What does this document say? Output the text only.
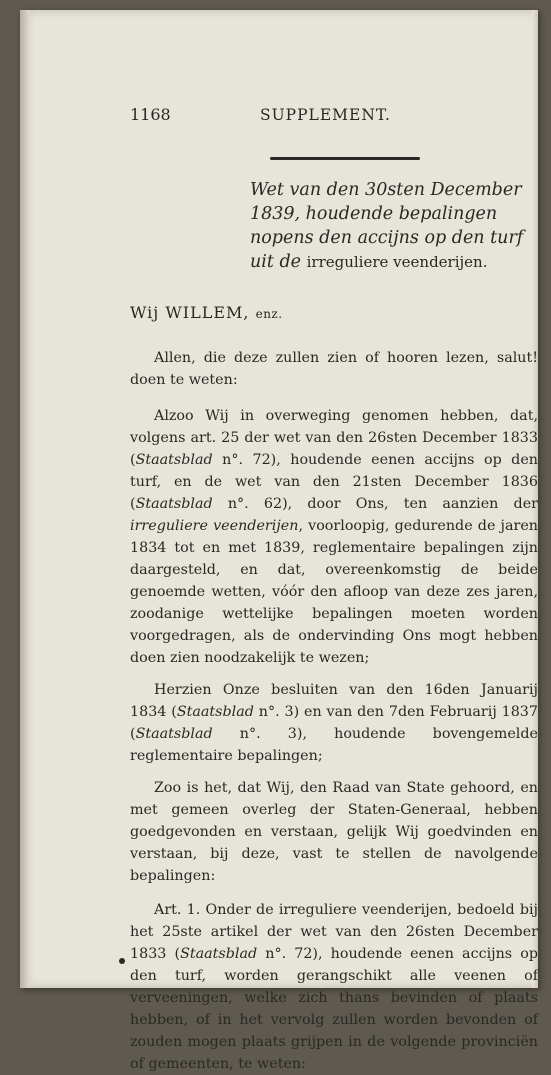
1168	SUPPLEMENT.
Wet van den 30sten December 1839, houdende bepalingen nopens den accijns op den turf uit de irreguliere veenderijen.
Wij WILLEM, enz.

Allen, die deze zullen zien of hooren lezen, salut! doen te weten:

Alzoo Wij in overweging genomen hebben, dat, volgens art. 25 der wet van den 26sten December 1833 (Staatsblad n°. 72), houdende eenen accijns op den turf, en de wet van den 21sten December 1836 (Staatsblad n°. 62), door Ons, ten aanzien der irreguliere veenderijen, voorloopig, gedurende de jaren 1834 tot en met 1839, reglementaire bepalingen zijn daargesteld, en dat, overeenkomstig de beide genoemde wetten, vóór den afloop van deze zes jaren, zoodanige wettelijke bepalingen moeten worden voorgedragen, als de ondervinding Ons mogt hebben doen zien noodzakelijk te wezen;

Herzien Onze besluiten van den 16den Januarij 1834 (Staatsblad n°. 3) en van den 7den Februarij 1837 (Staatsblad n°. 3), houdende bovengemelde reglementaire bepalingen;

Zoo is het, dat Wij, den Raad van State gehoord, en met gemeen overleg der Staten-Generaal, hebben goedgevonden en verstaan, gelijk Wij goedvinden en verstaan, bij deze, vast te stellen de navolgende bepalingen:

Art. 1. Onder de irreguliere veenderijen, bedoeld bij het 25ste artikel der wet van den 26sten December 1833 (Staatsblad n°. 72), houdende eenen accijns op den turf, worden gerangschikt alle veenen of verveeningen, welke zich thans bevinden of plaats hebben, of in het vervolg zullen worden bevonden of zouden mogen plaats grijpen in de volgende provinciën of gemeenten, te weten:
